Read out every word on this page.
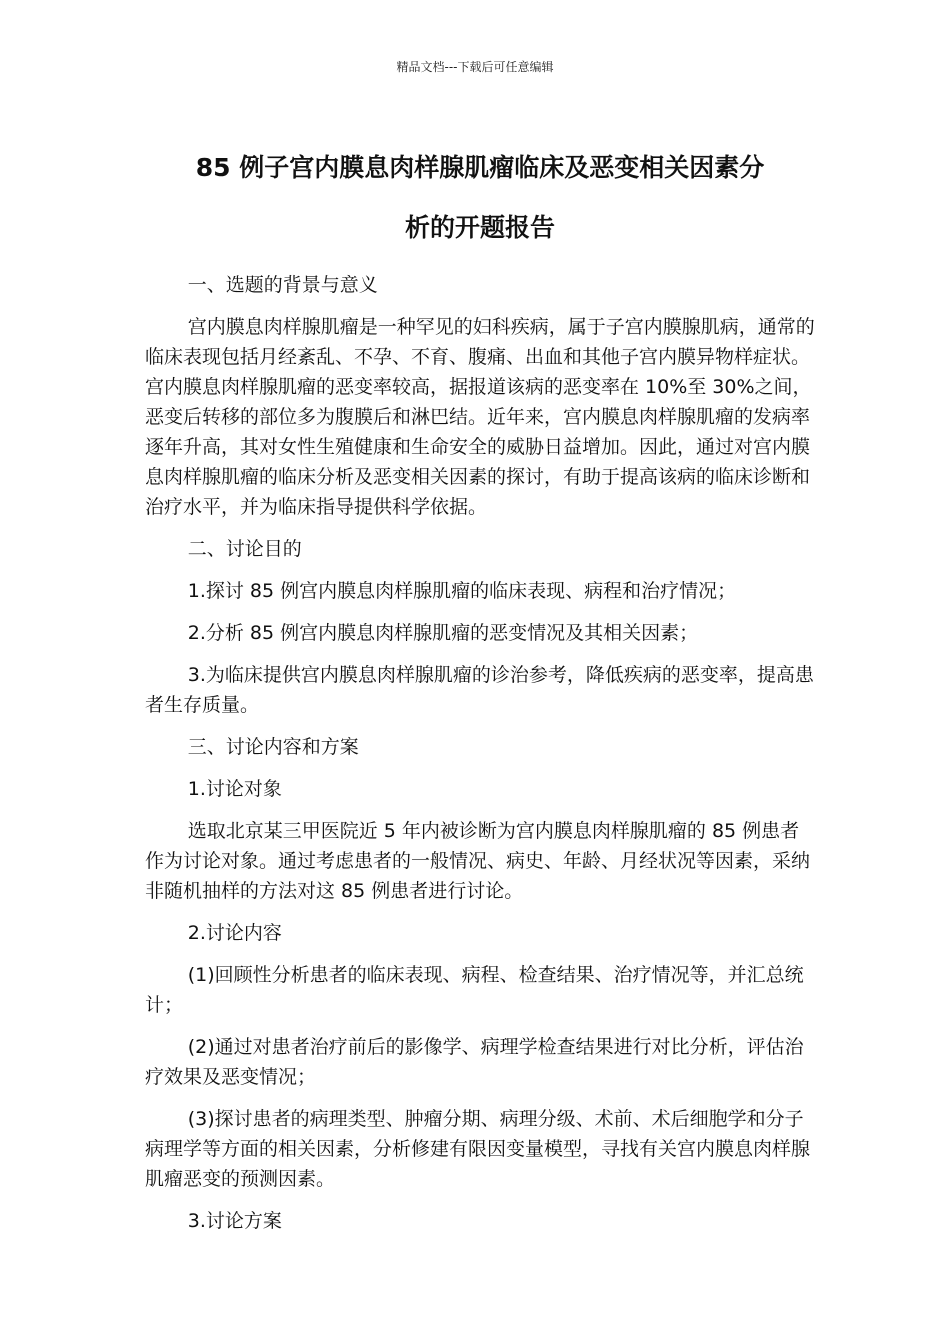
精品文档---下载后可任意编辑
85 例子宫内膜息肉样腺肌瘤临床及恶变相关因素分
析的开题报告

一、选题的背景与意义

宫内膜息肉样腺肌瘤是一种罕见的妇科疾病，属于子宫内膜腺肌病，通常的临床表现包括月经紊乱、不孕、不育、腹痛、出血和其他子宫内膜异物样症状。宫内膜息肉样腺肌瘤的恶变率较高，据报道该病的恶变率在 10%至 30%之间，恶变后转移的部位多为腹膜后和淋巴结。近年来，宫内膜息肉样腺肌瘤的发病率逐年升高，其对女性生殖健康和生命安全的威胁日益增加。因此，通过对宫内膜息肉样腺肌瘤的临床分析及恶变相关因素的探讨，有助于提高该病的临床诊断和治疗水平，并为临床指导提供科学依据。

二、讨论目的

1.探讨 85 例宫内膜息肉样腺肌瘤的临床表现、病程和治疗情况；

2.分析 85 例宫内膜息肉样腺肌瘤的恶变情况及其相关因素；

3.为临床提供宫内膜息肉样腺肌瘤的诊治参考，降低疾病的恶变率，提高患者生存质量。

三、讨论内容和方案

1.讨论对象

选取北京某三甲医院近 5 年内被诊断为宫内膜息肉样腺肌瘤的 85 例患者作为讨论对象。通过考虑患者的一般情况、病史、年龄、月经状况等因素，采纳非随机抽样的方法对这 85 例患者进行讨论。

2.讨论内容

(1)回顾性分析患者的临床表现、病程、检查结果、治疗情况等，并汇总统计；

(2)通过对患者治疗前后的影像学、病理学检查结果进行对比分析，评估治疗效果及恶变情况；

(3)探讨患者的病理类型、肿瘤分期、病理分级、术前、术后细胞学和分子病理学等方面的相关因素，分析修建有限因变量模型，寻找有关宫内膜息肉样腺肌瘤恶变的预测因素。

3.讨论方案
